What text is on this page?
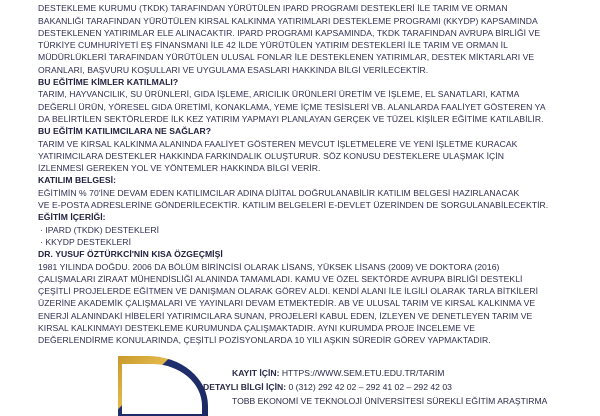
DESTEKLEME KURUMU (TKDK) TARAFINDAN YÜRÜTÜLEN IPARD PROGRAMI DESTEKLERİ İLE TARIM VE ORMAN

BAKANLIĞI TARAFINDAN YÜRÜTÜLEN KIRSAL KALKINMA YATIRIMLARI DESTEKLEME PROGRAMI (KKYDP) KAPSAMINDA

DESTEKLENEN YATIRIMLAR ELE ALINACAKTIR. IPARD PROGRAMI KAPSAMINDA, TKDK TARAFINDAN AVRUPA BİRLİĞİ VE

TÜRKİYE CUMHURİYETİ EŞ FİNANSMANI İLE 42 İLDE YÜRÜTÜLEN YATIRIM DESTEKLERİ İLE TARIM VE ORMAN İL

MÜDÜRLÜKLERİ TARAFINDAN YÜRÜTÜLEN ULUSAL FONLAR İLE DESTEKLENEN YATIRIMLAR, DESTEK MİKTARLARI VE

ORANLARI, BAŞVURU KOŞULLARI VE UYGULAMA ESASLARI HAKKINDA BİLGİ VERİLECEKTİR.

BU EĞİTİME KİMLER KATILMALI?

TARIM, HAYVANCILIK, SU ÜRÜNLERİ, GIDA İŞLEME, ARICILIK ÜRÜNLERİ ÜRETİM VE İŞLEME, EL SANATLARI, KATMA

DEĞERLİ ÜRÜN, YÖRESEL GIDA ÜRETİMİ, KONAKLAMA, YEME İÇME TESİSLERİ VB. ALANLARDA FAALİYET GÖSTEREN YA

DA BELİRTİLEN SEKTÖRLERDE İLK KEZ YATIRIM YAPMAYI PLANLAYAN GERÇEK VE TÜZEL KİŞİLER EĞİTİME KATILABİLİR.

BU EĞİTİM KATILIMCILARA NE SAĞLAR?

TARIM VE KIRSAL KALKINMA ALANINDA FAALİYET GÖSTEREN MEVCUT İŞLETMELERE VE YENİ İŞLETME KURACAK

YATIRIMCILARA DESTEKLER HAKKINDA FARKINDALIK OLUŞTURUR. SÖZ KONUSU DESTEKLERE ULAŞMAK İÇİN

İZLENMESİ GEREKEN YOL VE YÖNTEMLER HAKKINDA BİLGİ VERİR.

KATILIM BELGESİ:

EĞİTİMİN % 70'İNE DEVAM EDEN KATILIMCILAR ADINA DİJİTAL DOĞRULANABİLİR KATILIM BELGESİ HAZIRLANACAK

VE E-POSTA ADRESLERİNE GÖNDERİLECEKTİR. KATILIM BELGELERİ E-DEVLET ÜZERİNDEN DE SORGULANABİLECEKTİR.

EĞİTİM İÇERİĞİ:

· IPARD (TKDK) DESTEKLERİ

· KKYDP DESTEKLERİ

DR. YUSUF ÖZTÜRKCİ'NİN KISA ÖZGEÇMİŞİ

1981 YILINDA DOĞDU. 2006 DA BÖLÜM BİRİNCİSİ OLARAK LİSANS, YÜKSEK LİSANS (2009) VE DOKTORA (2016)

ÇALIŞMALARI ZİRAAT MÜHENDİSLİĞİ ALANINDA TAMAMLADI. KAMU VE ÖZEL SEKTÖRDE AVRUPA BİRLİĞİ DESTEKLİ

ÇEŞİTLİ PROJELERDE EĞİTMEN VE DANIŞMAN OLARAK GÖREV ALDI. KENDİ ALANI İLE İLGİLİ OLARAK TARLA BİTKİLERİ

ÜZERİNE AKADEMİK ÇALIŞMALARI VE YAYINLARI DEVAM ETMEKTEDİR. AB VE ULUSAL TARIM VE KIRSAL KALKINMA VE

ENERJİ ALANINDAKİ HİBELERİ YATIRIMCILARA SUNAN, PROJELERİ KABUL EDEN, İZLEYEN VE DENETLEYEN TARIM VE

KIRSAL KALKINMAYI DESTEKLEME KURUMUNDA ÇALIŞMAKTADIR. AYNI KURUMDA PROJE İNCELEME VE

DEĞERLENDİRME KONULARINDA, ÇEŞİTLİ POZİSYONLARDA 10 YILI AŞKIN SÜREDİR GÖREV YAPMAKTADIR.

KAYIT İÇİN: HTTPS://WWW.SEM.ETU.EDU.TR/TARIM
DETAYLI BİLGİ İÇİN: 0 (312) 292 42 02 – 292 41 02 – 292 42 03
TOBB EKONOMİ VE TEKNOLOJİ ÜNİVERSİTESİ SÜREKLİ EĞİTİM ARAŞTIRMA
